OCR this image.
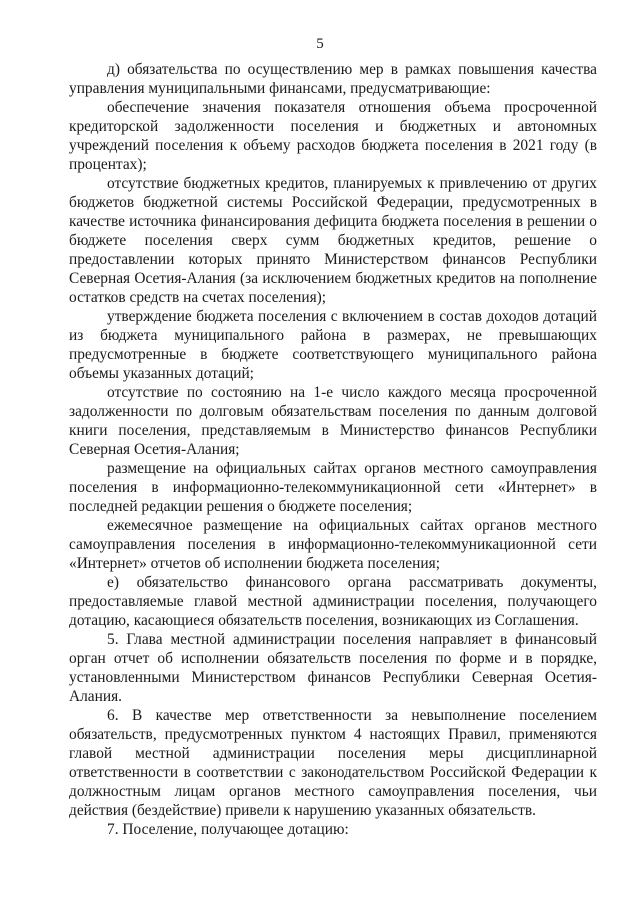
5

д) обязательства по осуществлению мер в рамках повышения качества управления муниципальными финансами, предусматривающие:

обеспечение значения показателя отношения объема просроченной кредиторской задолженности поселения и бюджетных и автономных учреждений поселения к объему расходов бюджета поселения в 2021 году (в процентах);

отсутствие бюджетных кредитов, планируемых к привлечению от других бюджетов бюджетной системы Российской Федерации, предусмотренных в качестве источника финансирования дефицита бюджета поселения в решении о бюджете поселения сверх сумм бюджетных кредитов, решение о предоставлении которых принято Министерством финансов Республики Северная Осетия-Алания (за исключением бюджетных кредитов на пополнение остатков средств на счетах поселения);

утверждение бюджета поселения с включением в состав доходов дотаций из бюджета муниципального района в размерах, не превышающих предусмотренные в бюджете соответствующего муниципального района объемы указанных дотаций;

отсутствие по состоянию на 1-е число каждого месяца просроченной задолженности по долговым обязательствам поселения по данным долговой книги поселения, представляемым в Министерство финансов Республики Северная Осетия-Алания;

размещение на официальных сайтах органов местного самоуправления поселения в информационно-телекоммуникационной сети «Интернет» в последней редакции решения о бюджете поселения;

ежемесячное размещение на официальных сайтах органов местного самоуправления поселения в информационно-телекоммуникационной сети «Интернет» отчетов об исполнении бюджета поселения;

е) обязательство финансового органа рассматривать документы, предоставляемые главой местной администрации поселения, получающего дотацию, касающиеся обязательств поселения, возникающих из Соглашения.

5. Глава местной администрации поселения направляет в финансовый орган отчет об исполнении обязательств поселения по форме и в порядке, установленными Министерством финансов Республики Северная Осетия-Алания.

6. В качестве мер ответственности за невыполнение поселением обязательств, предусмотренных пунктом 4 настоящих Правил, применяются главой местной администрации поселения меры дисциплинарной ответственности в соответствии с законодательством Российской Федерации к должностным лицам органов местного самоуправления поселения, чьи действия (бездействие) привели к нарушению указанных обязательств.

7. Поселение, получающее дотацию:
